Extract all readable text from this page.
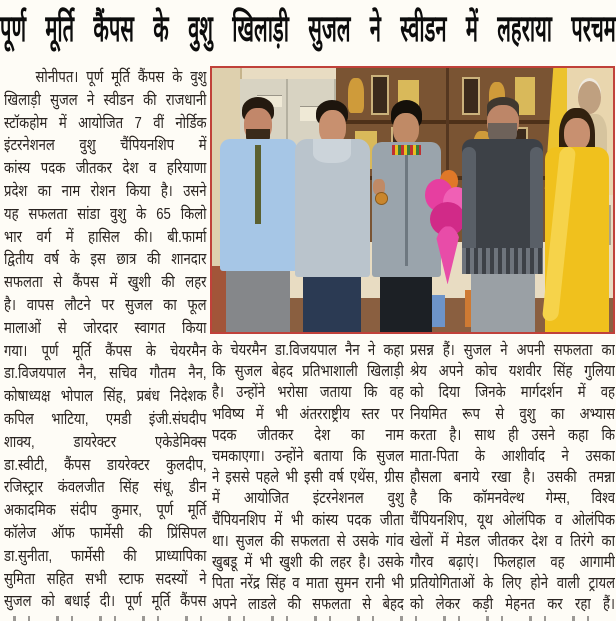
पूर्ण मूर्ति कैंपस के वुशु खिलाड़ी सुजल ने स्वीडन में लहराया परचम
सोनीपत। पूर्ण मूर्ति कैंपस के वुशु
खिलाड़ी सुजल ने स्वीडन की राजधानी
स्टॉकहोम में आयोजित 7 वीं नोर्डिक
इंटरनेशनल वुशु चैंपियनशिप में
कांस्य पदक जीतकर देश व हरियाणा
प्रदेश का नाम रोशन किया है। उसने
यह सफलता सांडा वुशु के 65 किलो
भार वर्ग में हासिल की। बी.फार्मा
द्वितीय वर्ष के इस छात्र की शानदार
सफलता से कैंपस में खुशी की लहर
है। वापस लौटने पर सुजल का फूल
मालाओं से जोरदार स्वागत किया
गया। पूर्ण मूर्ति कैंपस के चेयरमैन
डा.विजयपाल नैन, सचिव गौतम नैन,
कोषाध्यक्ष भोपाल सिंह, प्रबंध निदेशक
कपिल भाटिया, एमडी इंजी.संघदीप
शाक्य, डायरेक्टर एकेडेमिक्स
डा.स्वीटी, कैंपस डायरेक्टर कुलदीप,
रजिस्ट्रार कंवलजीत सिंह संधू, डीन
अकादमिक संदीप कुमार, पूर्ण मूर्ति
कॉलेज ऑफ फार्मेसी की प्रिंसिपल
डा.सुनीता, फार्मेसी की प्राध्यापिका
सुमिता सहित सभी स्टाफ सदस्यों ने
सुजल को बधाई दी। पूर्ण मूर्ति कैंपस
के चेयरमैन डा.विजयपाल नैन ने कहा
कि सुजल बेहद प्रतिभाशाली खिलाड़ी
है। उन्होंने भरोसा जताया कि वह
भविष्य में भी अंतरराष्ट्रीय स्तर पर
पदक जीतकर देश का नाम
चमकाएगा। उन्होंने बताया कि सुजल
ने इससे पहले भी इसी वर्ष एथेंस, ग्रीस
में आयोजित इंटरनेशनल वुशु
चैंपियनशिप में भी कांस्य पदक जीता
था। सुजल की सफलता से उसके गांव
खुबडू में भी खुशी की लहर है। उसके
पिता नरेंद्र सिंह व माता सुमन रानी भी
अपने लाडले की सफलता से बेहद
प्रसन्न हैं। सुजल ने अपनी सफलता का
श्रेय अपने कोच यशवीर सिंह गुलिया
को दिया जिनके मार्गदर्शन में वह
नियमित रूप से वुशु का अभ्यास
करता है। साथ ही उसने कहा कि
माता-पिता के आशीर्वाद ने उसका
हौसला बनाये रखा है। उसकी तमन्ना
है कि कॉमनवेल्थ गेम्स, विश्व
चैंपियनशिप, यूथ ओलंपिक व ओलंपिक
खेलों में मेडल जीतकर देश व तिरंगे का
गौरव बढ़ाएं। फिलहाल वह आगामी
प्रतियोगिताओं के लिए होने वाली ट्रायल
को लेकर कड़ी मेहनत कर रहा हैं।
